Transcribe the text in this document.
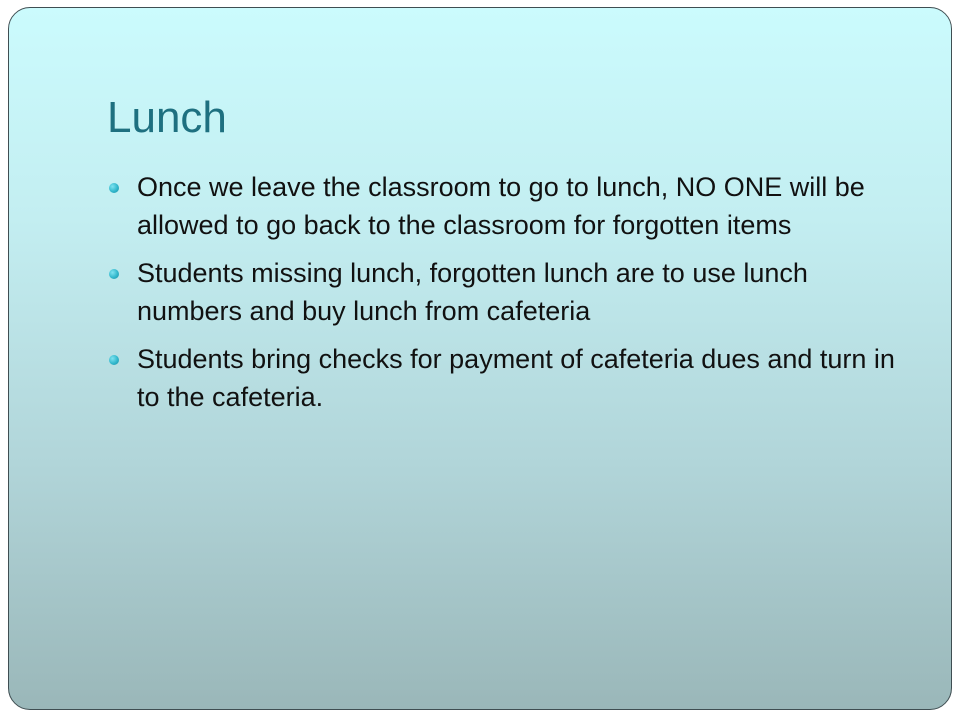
Lunch
Once we leave the classroom to go to lunch, NO ONE will be allowed to go back to the classroom for forgotten items
Students missing lunch, forgotten lunch are to use lunch numbers and buy lunch from cafeteria
Students bring checks for payment of cafeteria dues and turn in to the cafeteria.
